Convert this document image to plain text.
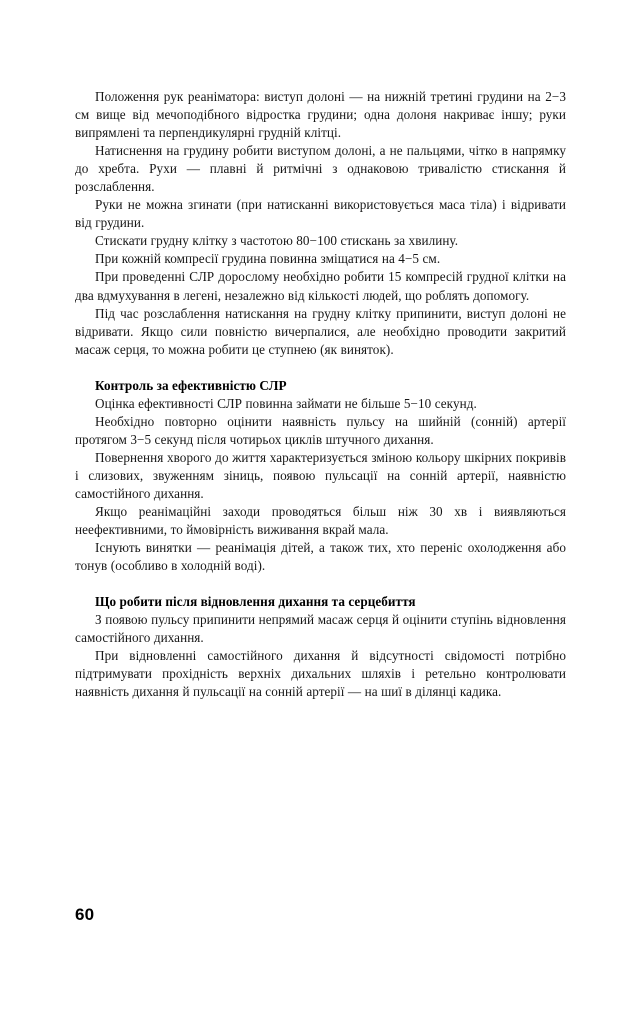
Положення рук реаніматора: виступ долоні — на нижній третині грудини на 2−3 см вище від мечоподібного відростка грудини; одна долоня накриває іншу; руки випрямлені та перпендикулярні грудній клітці.

Натиснення на грудину робити виступом долоні, а не пальцями, чітко в напрямку до хребта. Рухи — плавні й ритмічні з однаковою тривалістю стискання й розслаблення.

Руки не можна згинати (при натисканні використовується маса тіла) і відривати від грудини.

Стискати грудну клітку з частотою 80−100 стискань за хвилину.

При кожній компресії грудина повинна зміщатися на 4−5 см.

При проведенні СЛР дорослому необхідно робити 15 компресій грудної клітки на два вдмухування в легені, незалежно від кількості людей, що роблять допомогу.

Під час розслаблення натискання на грудну клітку припинити, виступ долоні не відривати. Якщо сили повністю вичерпалися, але необхідно проводити закритий масаж серця, то можна робити це ступнею (як виняток).

Контроль за ефективністю СЛР

Оцінка ефективності СЛР повинна займати не більше 5−10 секунд.

Необхідно повторно оцінити наявність пульсу на шийній (сонній) артерії протягом 3−5 секунд після чотирьох циклів штучного дихання.

Повернення хворого до життя характеризується зміною кольору шкірних покривів і слизових, звуженням зіниць, появою пульсації на сонній артерії, наявністю самостійного дихання.

Якщо реанімаційні заходи проводяться більш ніж 30 хв і виявляються неефективними, то ймовірність виживання вкрай мала.

Існують винятки — реанімація дітей, а також тих, хто переніс охолодження або тонув (особливо в холодній воді).

Що робити після відновлення дихання та серцебиття

З появою пульсу припинити непрямий масаж серця й оцінити ступінь відновлення самостійного дихання.

При відновленні самостійного дихання й відсутності свідомості потрібно підтримувати прохідність верхніх дихальних шляхів і ретельно контролювати наявність дихання й пульсації на сонній артерії — на шиї в ділянці кадика.

60
